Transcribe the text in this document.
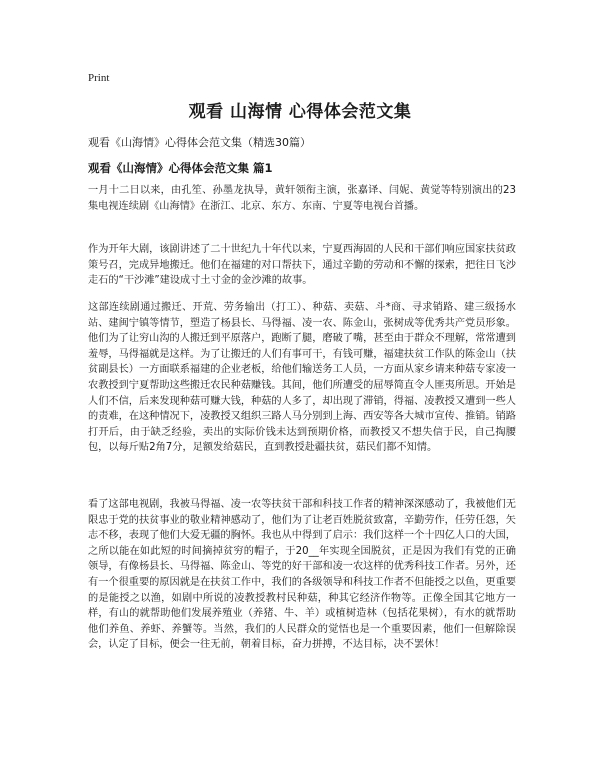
Print
观看 山海情 心得体会范文集

观看《山海情》心得体会范文集（精选30篇）

观看《山海情》心得体会范文集 篇1

一月十二日以来，由孔笙、孙墨龙执导，黄轩领衔主演，张嘉译、闫妮、黄觉等特别演出的23集电视连续剧《山海情》在浙江、北京、东方、东南、宁夏等电视台首播。

作为开年大剧，该剧讲述了二十世纪九十年代以来，宁夏西海固的人民和干部们响应国家扶贫政策号召，完成异地搬迁。他们在福建的对口帮扶下，通过辛勤的劳动和不懈的探索，把往日飞沙走石的“干沙滩”建设成寸土寸金的金沙滩的故事。

这部连续剧通过搬迁、开荒、劳务输出（打工）、种菇、卖菇、斗*商、寻求销路、建三级扬水站、建闽宁镇等情节，塑造了杨县长、马得福、凌一农、陈金山，张树成等优秀共产党员形象。他们为了让穷山沟的人搬迁到平原落户，跑断了腿，磨破了嘴，甚至由于群众不理解，常常遭到羞辱，马得福就是这样。为了让搬迁的人们有事可干，有钱可赚，福建扶贫工作队的陈金山（扶贫副县长）一方面联系福建的企业老板，给他们输送务工人员，一方面从家乡请来种菇专家凌一农教授到宁夏帮助这些搬迁农民种菇赚钱。其间，他们所遭受的屈辱简直令人匪夷所思。开始是人们不信，后来发现种菇可赚大钱，种菇的人多了，却出现了滞销，得福、凌教授又遭到一些人的责难，在这种情况下，凌教授又组织三路人马分别到上海、西安等各大城市宣传、推销。销路打开后，由于缺乏经验，卖出的实际价钱未达到预期价格，而教授又不想失信于民，自己掏腰包，以每斤贴2角7分，足额发给菇民，直到教授赴疆扶贫，菇民们都不知情。

看了这部电视剧，我被马得福、凌一农等扶贫干部和科技工作者的精神深深感动了，我被他们无限忠于党的扶贫事业的敬业精神感动了，他们为了让老百姓脱贫致富，辛勤劳作，任劳任怨，矢志不移，表现了他们大爱无疆的胸怀。我也从中得到了启示：我们这样一个十四亿人口的大国，之所以能在如此短的时间摘掉贫穷的帽子，于20__年实现全国脱贫，正是因为我们有党的正确领导，有像杨县长、马得福、陈金山、等党的好干部和凌一农这样的优秀科技工作者。另外，还有一个很重要的原因就是在扶贫工作中，我们的各级领导和科技工作者不但能授之以鱼，更重要的是能授之以渔，如剧中所说的凌教授教村民种菇，种其它经济作物等。正像全国其它地方一样，有山的就帮助他们发展养殖业（养猪、牛、羊）或植树造林（包括花果树），有水的就帮助他们养鱼、养虾、养蟹等。当然，我们的人民群众的觉悟也是一个重要因素，他们一但解除误会，认定了目标，便会一往无前，朝着目标，奋力拼搏，不达目标，决不罢休！
